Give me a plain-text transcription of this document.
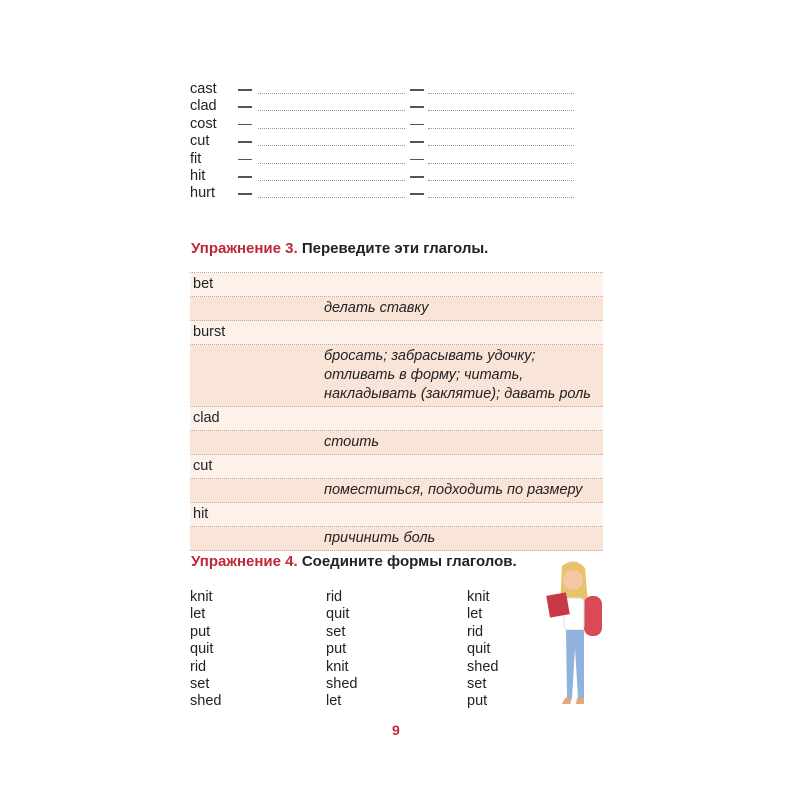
cast
clad
cost
cut
fit
hit
hurt
Упражнение 3. Переведите эти глаголы.
bet
делать ставку
burst
бросать; забрасывать удочку; отливать в форму; читать, накладывать (заклятие); давать роль
clad
стоить
cut
поместиться, подходить по размеру
hit
причинить боль
Упражнение 4. Соедините формы глаголов.
knit
let
put
quit
rid
set
shed
rid
quit
set
put
knit
shed
let
knit
let
rid
quit
shed
set
put
9
